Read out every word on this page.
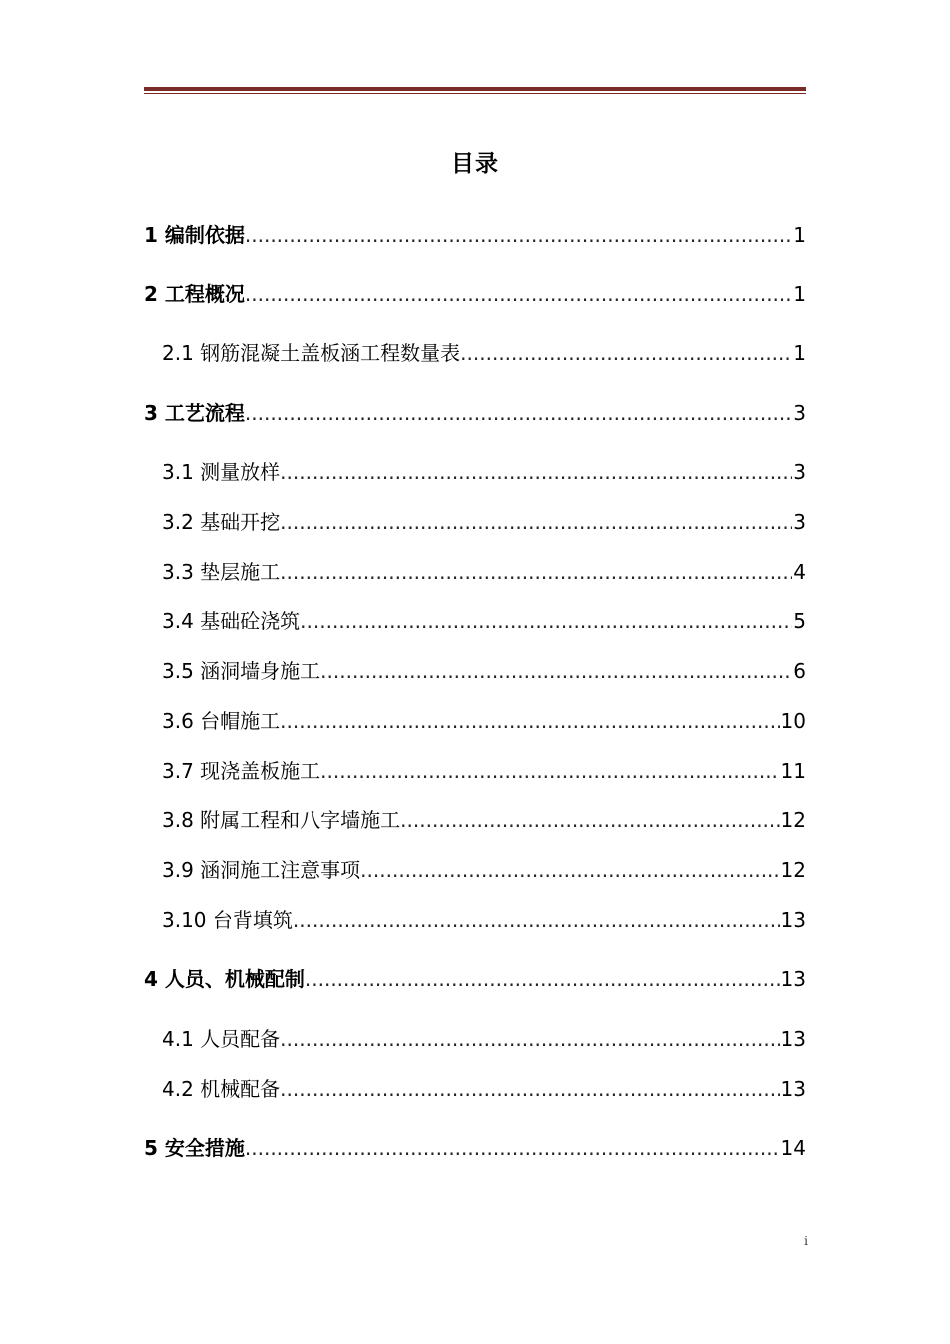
目录
1 编制依据 .....	1
2 工程概况 .....	1
2.1 钢筋混凝土盖板涵工程数量表 .....	1
3 工艺流程 .....	3
3.1 测量放样 .....	3
3.2 基础开挖 .....	3
3.3 垫层施工 .....	4
3.4 基础砼浇筑 .....	5
3.5 涵洞墙身施工 .....	6
3.6 台帽施工 .....	10
3.7 现浇盖板施工 .....	11
3.8 附属工程和八字墙施工 .....	12
3.9 涵洞施工注意事项 .....	12
3.10 台背填筑 .....	13
4 人员、机械配制 .....	13
4.1 人员配备 .....	13
4.2 机械配备 .....	13
5 安全措施 .....	14
i
